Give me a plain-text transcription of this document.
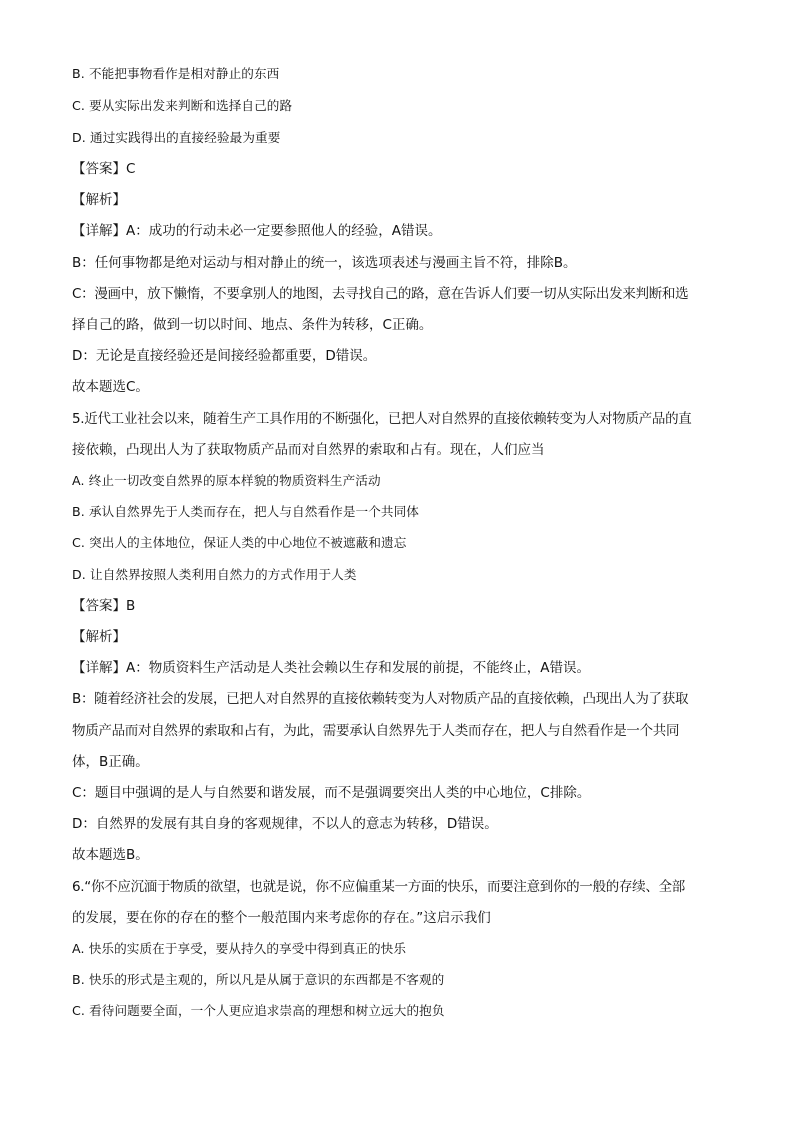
B. 不能把事物看作是相对静止的东西
C. 要从实际出发来判断和选择自己的路
D. 通过实践得出的直接经验最为重要
【答案】C
【解析】
【详解】A：成功的行动未必一定要参照他人的经验，A错误。
B：任何事物都是绝对运动与相对静止的统一，该选项表述与漫画主旨不符，排除B。
C：漫画中，放下懒惰，不要拿别人的地图，去寻找自己的路，意在告诉人们要一切从实际出发来判断和选
择自己的路，做到一切以时间、地点、条件为转移，C正确。
D：无论是直接经验还是间接经验都重要，D错误。
故本题选C。
5.近代工业社会以来，随着生产工具作用的不断强化，已把人对自然界的直接依赖转变为人对物质产品的直
接依赖，凸现出人为了获取物质产品而对自然界的索取和占有。现在，人们应当
A. 终止一切改变自然界的原本样貌的物质资料生产活动
B. 承认自然界先于人类而存在，把人与自然看作是一个共同体
C. 突出人的主体地位，保证人类的中心地位不被遮蔽和遗忘
D. 让自然界按照人类利用自然力的方式作用于人类
【答案】B
【解析】
【详解】A：物质资料生产活动是人类社会赖以生存和发展的前提，不能终止，A错误。
B：随着经济社会的发展，已把人对自然界的直接依赖转变为人对物质产品的直接依赖，凸现出人为了获取
物质产品而对自然界的索取和占有，为此，需要承认自然界先于人类而存在，把人与自然看作是一个共同
体，B正确。
C：题目中强调的是人与自然要和谐发展，而不是强调要突出人类的中心地位，C排除。
D：自然界的发展有其自身的客观规律，不以人的意志为转移，D错误。
故本题选B。
6.“你不应沉湎于物质的欲望，也就是说，你不应偏重某一方面的快乐，而要注意到你的一般的存续、全部
的发展，要在你的存在的整个一般范围内来考虑你的存在。”这启示我们
A. 快乐的实质在于享受，要从持久的享受中得到真正的快乐
B. 快乐的形式是主观的，所以凡是从属于意识的东西都是不客观的
C. 看待问题要全面，一个人更应追求崇高的理想和树立远大的抱负
